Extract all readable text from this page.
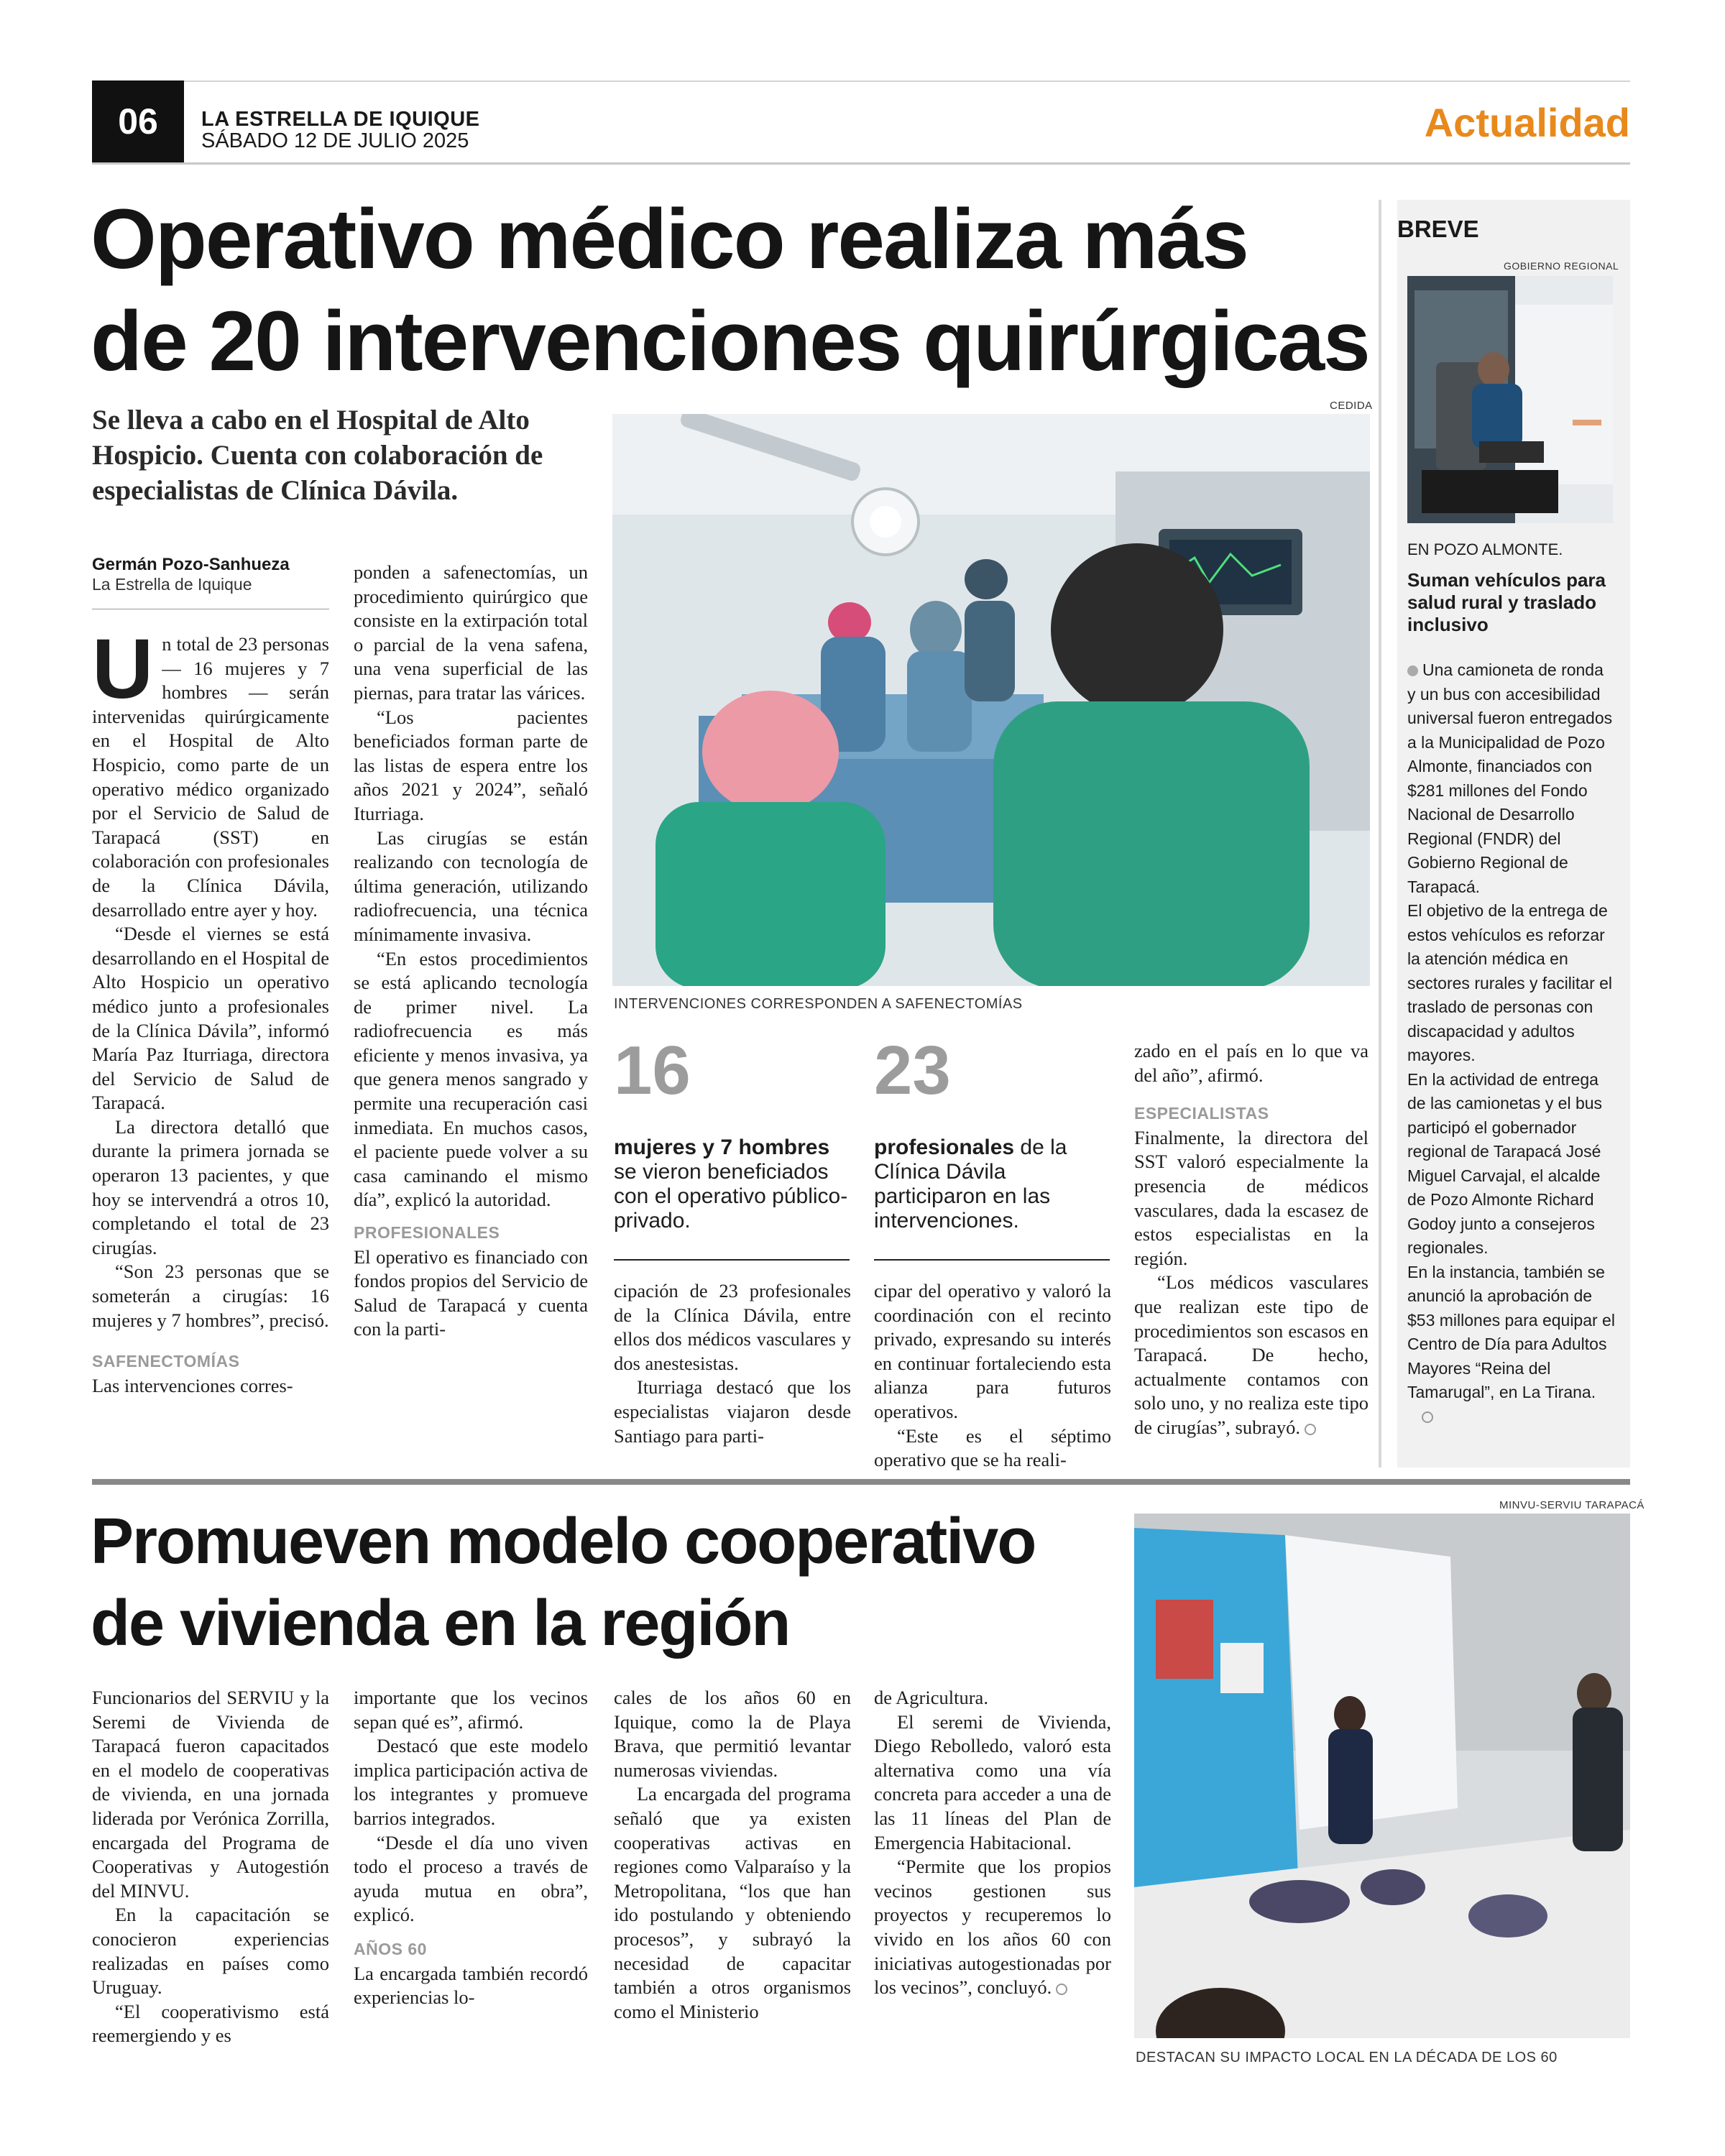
06	LA ESTRELLA DE IQUIQUE
SÁBADO 12 DE JULIO 2025	Actualidad
Operativo médico realiza más
de 20 intervenciones quirúrgicas
Se lleva a cabo en el Hospital de Alto Hospicio. Cuenta con colaboración de especialistas de Clínica Dávila.
Germán Pozo-Sanhueza
La Estrella de Iquique

Un total de 23 personas — 16 mujeres y 7 hombres — serán intervenidas quirúrgicamente en el Hospital de Alto Hospicio, como parte de un operativo médico organizado por el Servicio de Salud de Tarapacá (SST) en colaboración con profesionales de la Clínica Dávila, desarrollado entre ayer y hoy.

“Desde el viernes se está desarrollando en el Hospital de Alto Hospicio un operativo médico junto a profesionales de la Clínica Dávila”, informó María Paz Iturriaga, directora del Servicio de Salud de Tarapacá.

La directora detalló que durante la primera jornada se operaron 13 pacientes, y que hoy se intervendrá a otros 10, completando el total de 23 cirugías.

“Son 23 personas que se someterán a cirugías: 16 mujeres y 7 hombres”, precisó.

SAFENECTOMÍAS

Las intervenciones corres-

ponden a safenectomías, un procedimiento quirúrgico que consiste en la extirpación total o parcial de la vena safena, una vena superficial de las piernas, para tratar las várices.

“Los pacientes beneficiados forman parte de las listas de espera entre los años 2021 y 2024”, señaló Iturriaga.

Las cirugías se están realizando con tecnología de última generación, utilizando radiofrecuencia, una técnica mínimamente invasiva.

“En estos procedimientos se está aplicando tecnología de primer nivel. La radiofrecuencia es más eficiente y menos invasiva, ya que genera menos sangrado y permite una recuperación casi inmediata. En muchos casos, el paciente puede volver a su casa caminando el mismo día”, explicó la autoridad.

PROFESIONALES

El operativo es financiado con fondos propios del Servicio de Salud de Tarapacá y cuenta con la parti-

CEDIDA
INTERVENCIONES CORRESPONDEN A SAFENECTOMÍAS
16
mujeres y 7 hombres se vieron beneficiados con el operativo público-privado.
23
profesionales de la Clínica Dávila participaron en las intervenciones.

cipación de 23 profesionales de la Clínica Dávila, entre ellos dos médicos vasculares y dos anestesistas.

Iturriaga destacó que los especialistas viajaron desde Santiago para parti-

cipar del operativo y valoró la coordinación con el recinto privado, expresando su interés en continuar fortaleciendo esta alianza para futuros operativos.

“Este es el séptimo operativo que se ha reali-

zado en el país en lo que va del año”, afirmó.

ESPECIALISTAS

Finalmente, la directora del SST valoró especialmente la presencia de médicos vasculares, dada la escasez de estos especialistas en la región.

“Los médicos vasculares que realizan este tipo de procedimientos son escasos en Tarapacá. De hecho, actualmente contamos con solo uno, y no realiza este tipo de cirugías”, subrayó.

BREVE
GOBIERNO REGIONAL
EN POZO ALMONTE.
Suman vehículos para salud rural y traslado inclusivo
Una camioneta de ronda y un bus con accesibilidad universal fueron entregados a la Municipalidad de Pozo Almonte, financiados con $281 millones del Fondo Nacional de Desarrollo Regional (FNDR) del Gobierno Regional de Tarapacá.
El objetivo de la entrega de estos vehículos es reforzar la atención médica en sectores rurales y facilitar el traslado de personas con discapacidad y adultos mayores.
En la actividad de entrega de las camionetas y el bus participó el gobernador regional de Tarapacá José Miguel Carvajal, el alcalde de Pozo Almonte Richard Godoy junto a consejeros regionales.
En la instancia, también se anunció la aprobación de $53 millones para equipar el Centro de Día para Adultos Mayores “Reina del Tamarugal”, en La Tirana.
Promueven modelo cooperativo
de vivienda en la región

Funcionarios del SERVIU y la Seremi de Vivienda de Tarapacá fueron capacitados en el modelo de cooperativas de vivienda, en una jornada liderada por Verónica Zorrilla, encargada del Programa de Cooperativas y Autogestión del MINVU.

En la capacitación se conocieron experiencias realizadas en países como Uruguay.

“El cooperativismo está reemergiendo y es

importante que los vecinos sepan qué es”, afirmó.

Destacó que este modelo implica participación activa de los integrantes y promueve barrios integrados.

“Desde el día uno viven todo el proceso a través de ayuda mutua en obra”, explicó.

AÑOS 60

La encargada también recordó experiencias lo-

cales de los años 60 en Iquique, como la de Playa Brava, que permitió levantar numerosas viviendas.

La encargada del programa señaló que ya existen cooperativas activas en regiones como Valparaíso y la Metropolitana, “los que han ido postulando y obteniendo procesos”, y subrayó la necesidad de capacitar también a otros organismos como el Ministerio

de Agricultura.

El seremi de Vivienda, Diego Rebolledo, valoró esta alternativa como una vía concreta para acceder a una de las 11 líneas del Plan de Emergencia Habitacional.

“Permite que los propios vecinos gestionen sus proyectos y recuperemos lo vivido en los años 60 con iniciativas autogestionadas por los vecinos”, concluyó.

MINVU-SERVIU TARAPACÁ
DESTACAN SU IMPACTO LOCAL EN LA DÉCADA DE LOS 60
